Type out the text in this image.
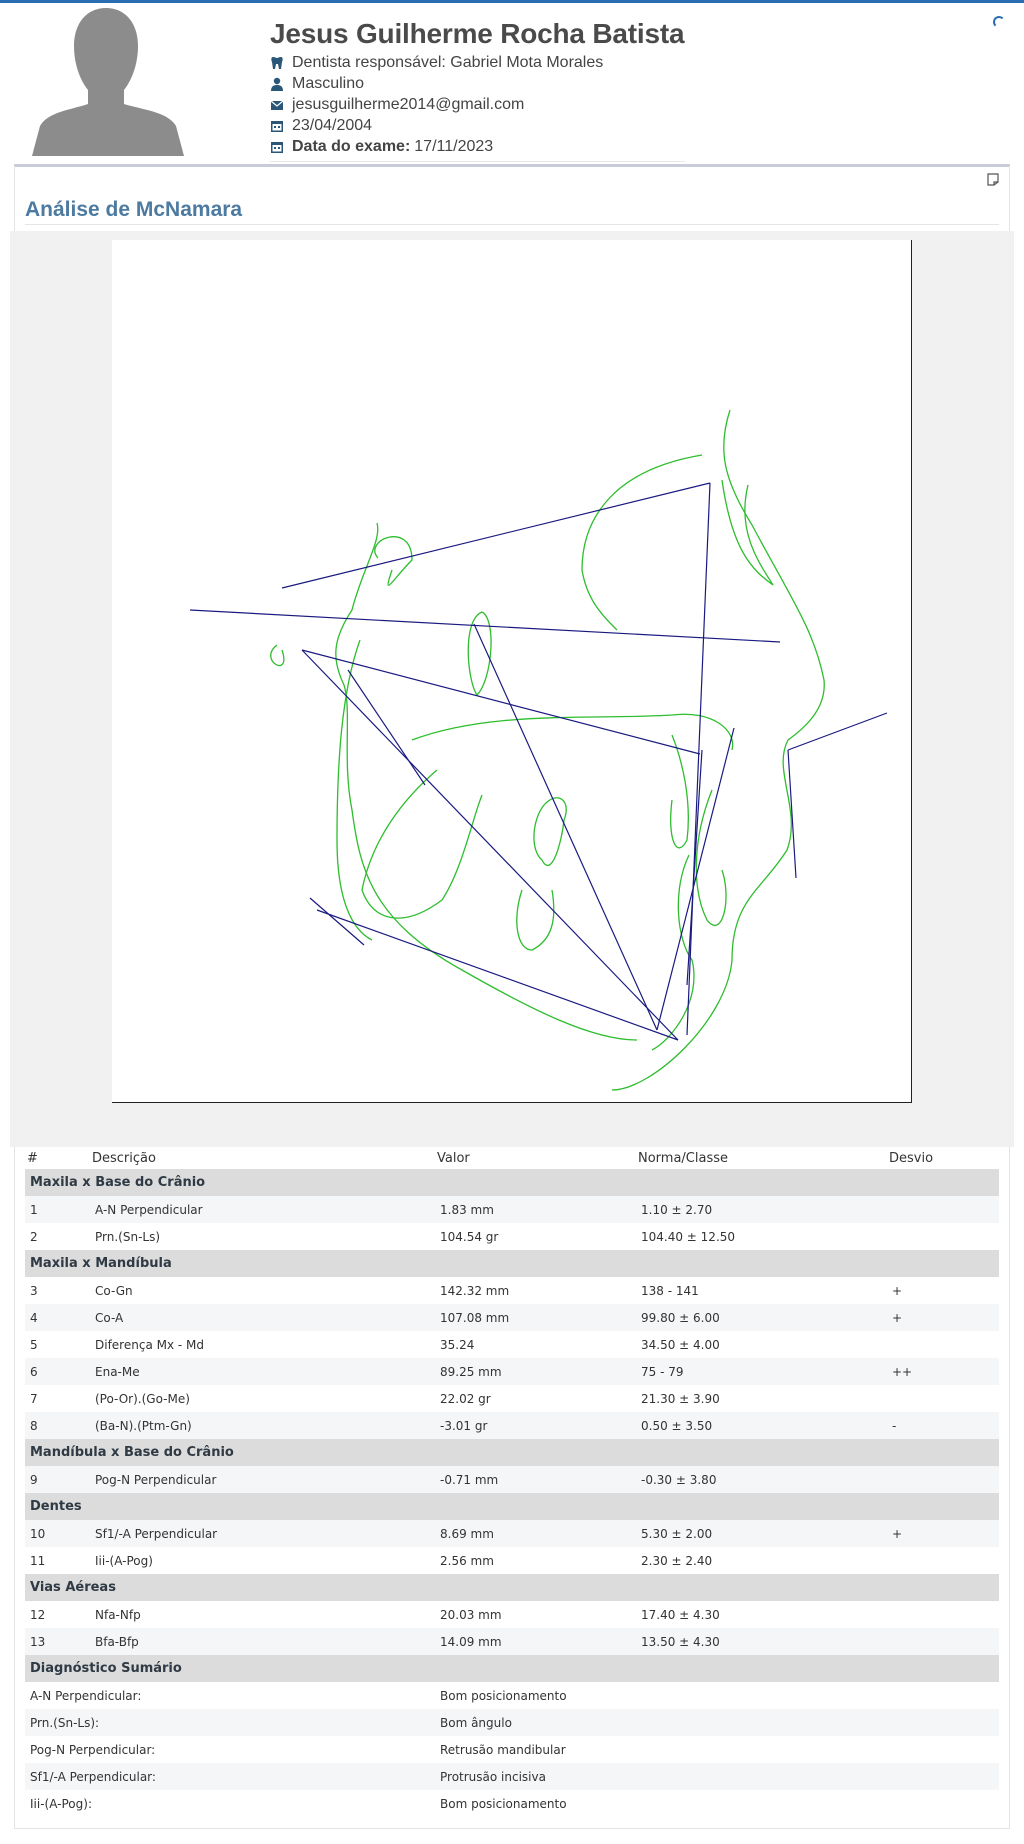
Jesus Guilherme Rocha Batista
Dentista responsável: Gabriel Mota Morales
Masculino
jesusguilherme2014@gmail.com
23/04/2004
Data do exame: 17/11/2023
Análise de McNamara
#	Descrição	Valor	Norma/Classe	Desvio
Maxila x Base do Crânio				
1	A-N Perpendicular	1.83 mm	1.10 ± 2.70	
2	Prn.(Sn-Ls)	104.54 gr	104.40 ± 12.50	
Maxila x Mandíbula				
3	Co-Gn	142.32 mm	138 - 141	+
4	Co-A	107.08 mm	99.80 ± 6.00	+
5	Diferença Mx - Md	35.24	34.50 ± 4.00	
6	Ena-Me	89.25 mm	75 - 79	++
7	(Po-Or).(Go-Me)	22.02 gr	21.30 ± 3.90	
8	(Ba-N).(Ptm-Gn)	-3.01 gr	0.50 ± 3.50	-
Mandíbula x Base do Crânio				
9	Pog-N Perpendicular	-0.71 mm	-0.30 ± 3.80	
Dentes				
10	Sf1/-A Perpendicular	8.69 mm	5.30 ± 2.00	+
11	Iii-(A-Pog)	2.56 mm	2.30 ± 2.40	
Vias Aéreas				
12	Nfa-Nfp	20.03 mm	17.40 ± 4.30	
13	Bfa-Bfp	14.09 mm	13.50 ± 4.30	
Diagnóstico Sumário				
A-N Perpendicular:		Bom posicionamento		
Prn.(Sn-Ls):		Bom ângulo		
Pog-N Perpendicular:		Retrusão mandibular		
Sf1/-A Perpendicular:		Protrusão incisiva		
Iii-(A-Pog):		Bom posicionamento		
